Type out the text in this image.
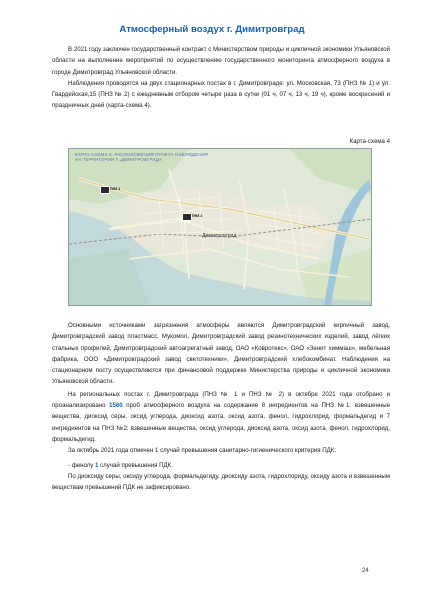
Атмосферный воздух г. Димитровград

В 2021 году заключен государственный контракт с Министерством природы и цикличной экономики Ульяновской области на выполнение мероприятий по осуществлению государственного мониторинга атмосферного воздуха в городе Димитровград Ульяновской области.

Наблюдения проводятся на двух стационарных постах в г. Димитровграде: ул. Московская, 73 (ПНЗ № 1) и ул. Гвардейская,15 (ПНЗ № 2) с ежедневным отбором четыре раза в сутки (01 ч, 07 ч, 13 ч, 19 ч), кроме воскресений и праздничных дней (карта-схема 4).

Карта-схема 4
КАРТА-СХЕМА 4. РАСПОЛОЖЕНИЯ ПУНКТА НАБЛЮДЕНИЯ
НА ТЕРРИТОРИИ Г. ДИМИТРОВГРАДА
Димитровград
ПНЗ 1
ПНЗ 2

Основными источниками загрязнения атмосферы являются Димитровградский кирпичный завод, Димитровградский завод пластмасс, Мукомол, Димитровградский завод резинотехнических изделий, завод лёгких стальных профилей, Димитровградский автоагрегатный завод, ОАО «Ковротекс», ОАО «Зенит химмаш», мебельная фабрика, ООО «Димитровградский завод светотехники», Димитровградский хлебокомбинат. Наблюдения на стационарном посту осуществляются при финансовой поддержке Министерства природы и цикличной экономики Ульяновской области.

На региональных постах г. Димитровграда (ПНЗ № 1 и ПНЗ № 2) в октябре 2021 года отобрано и проанализировано 1560 проб атмосферного воздуха на содержание 8 ингредиентов на ПНЗ №1: взвешенные вещества, диоксид серы, оксид углерода, диоксид азота, оксид азота, фенол, гидрохлорид, формальдегид и 7 ингредиентов на ПНЗ №2: взвешенные вещества, оксид углерода, диоксид азота, оксид азота, фенол, гидрохлорид, формальдегид.

За октябрь 2021 года отмечен 1 случай превышения санитарно-гигиенического критерия ПДК:

- фенолу 1 случай превышения ПДК.

По диоксиду серы, оксиду углерода, формальдегиду, диоксиду азота, гидрохлориду, оксиду азота и взвешенным веществам превышений ПДК не зафиксировано.

24
